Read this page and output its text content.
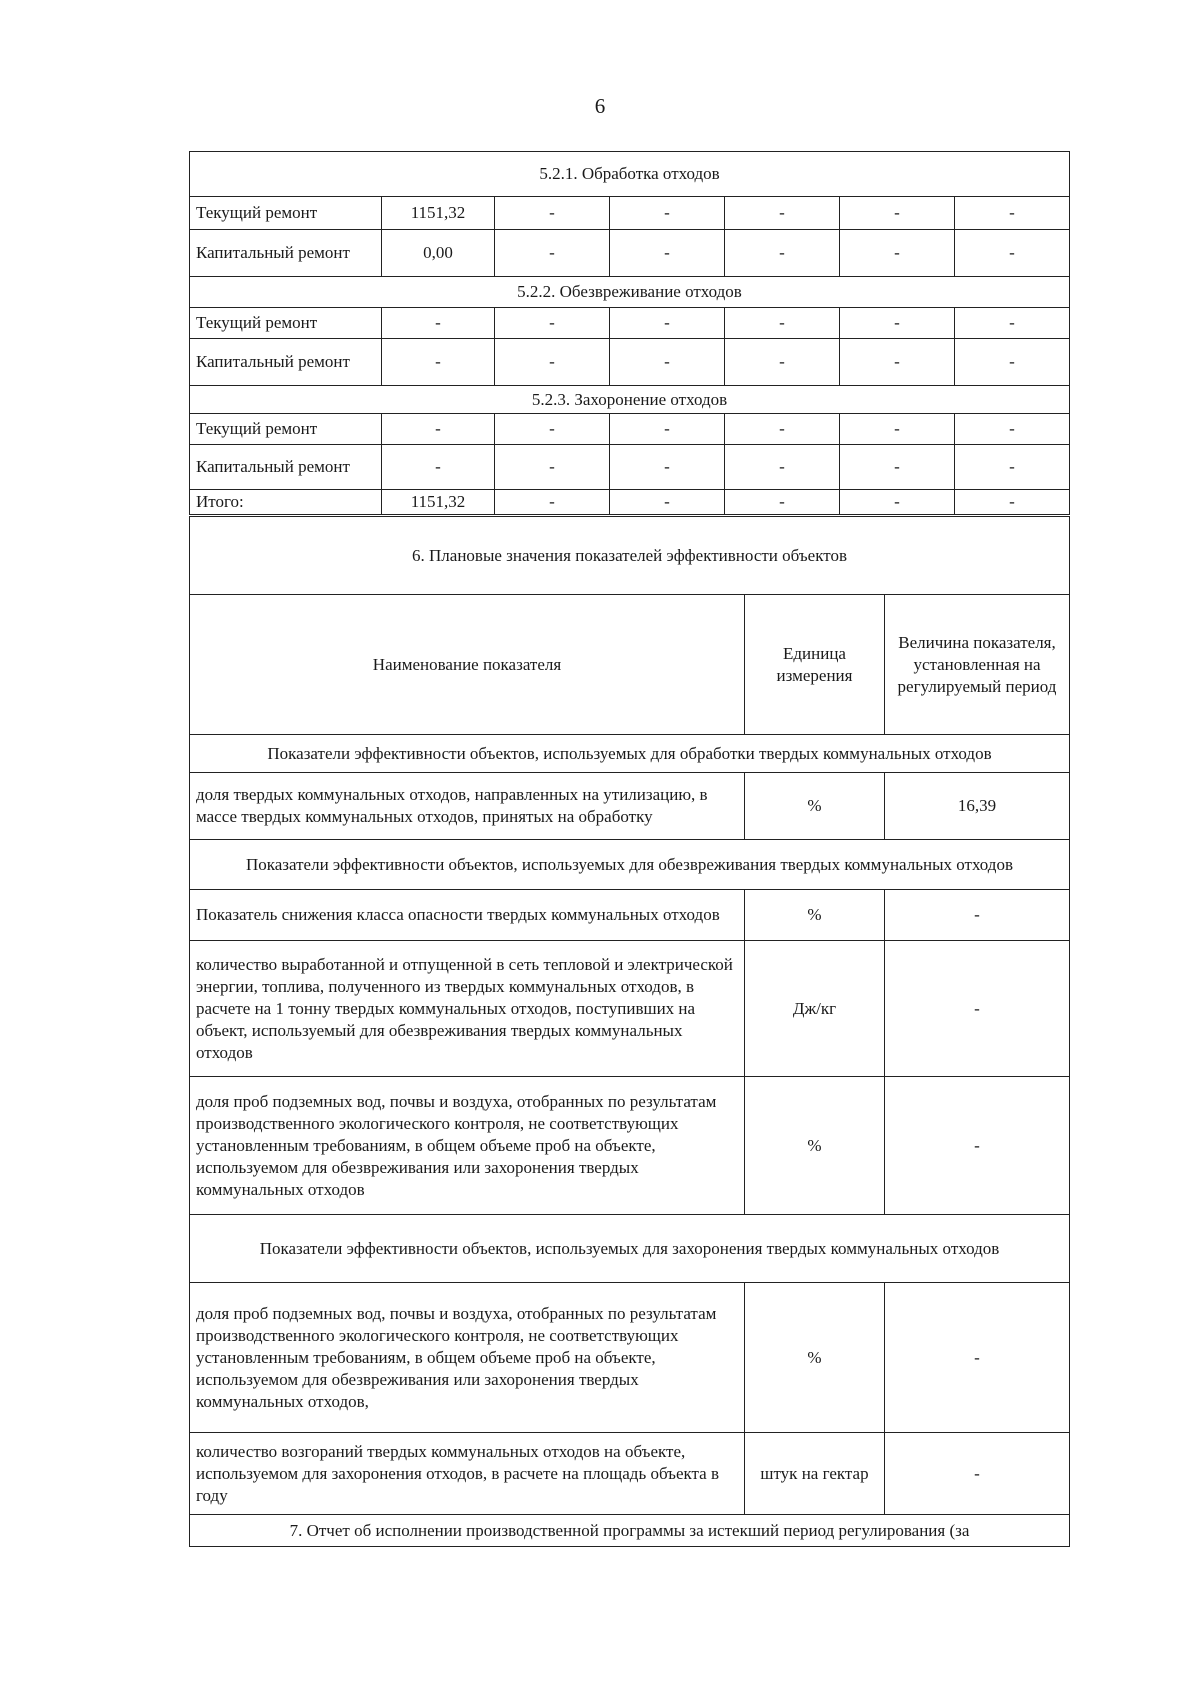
6
5.2.1. Обработка отходов						
Текущий ремонт	1151,32	-	-	-	-	-
Капитальный ремонт	0,00	-	-	-	-	-
5.2.2. Обезвреживание отходов						
Текущий ремонт	-	-	-	-	-	-
Капитальный ремонт	-	-	-	-	-	-
5.2.3. Захоронение отходов						
Текущий ремонт	-	-	-	-	-	-
Капитальный ремонт	-	-	-	-	-	-
Итого:	1151,32	-	-	-	-	-
6. Плановые значения показателей эффективности объектов		
Наименование показателя	Единица измерения	Величина показателя, установленная на регулируемый период
Показатели эффективности объектов, используемых для обработки твердых коммунальных отходов		
доля твердых коммунальных отходов, направленных на утилизацию, в массе твердых коммунальных отходов, принятых на обработку	%	16,39
Показатели эффективности объектов, используемых для обезвреживания твердых коммунальных отходов		
Показатель снижения класса опасности твердых коммунальных отходов	%	-
количество выработанной и отпущенной в сеть тепловой и электрической энергии, топлива, полученного из твердых коммунальных отходов, в расчете на 1 тонну твердых коммунальных отходов, поступивших на объект, используемый для обезвреживания твердых коммунальных отходов	Дж/кг	-
доля проб подземных вод, почвы и воздуха, отобранных по результатам производственного экологического контроля, не соответствующих установленным требованиям, в общем объеме проб на объекте, используемом для обезвреживания или захоронения твердых коммунальных отходов	%	-
Показатели эффективности объектов, используемых для захоронения твердых коммунальных отходов		
доля проб подземных вод, почвы и воздуха, отобранных по результатам производственного экологического контроля, не соответствующих установленным требованиям, в общем объеме проб на объекте, используемом для обезвреживания или захоронения твердых коммунальных отходов,	%	-
количество возгораний твердых коммунальных отходов на объекте, используемом для захоронения отходов, в расчете на площадь объекта в году	штук на гектар	-
7. Отчет об исполнении производственной программы за истекший период регулирования (за		
